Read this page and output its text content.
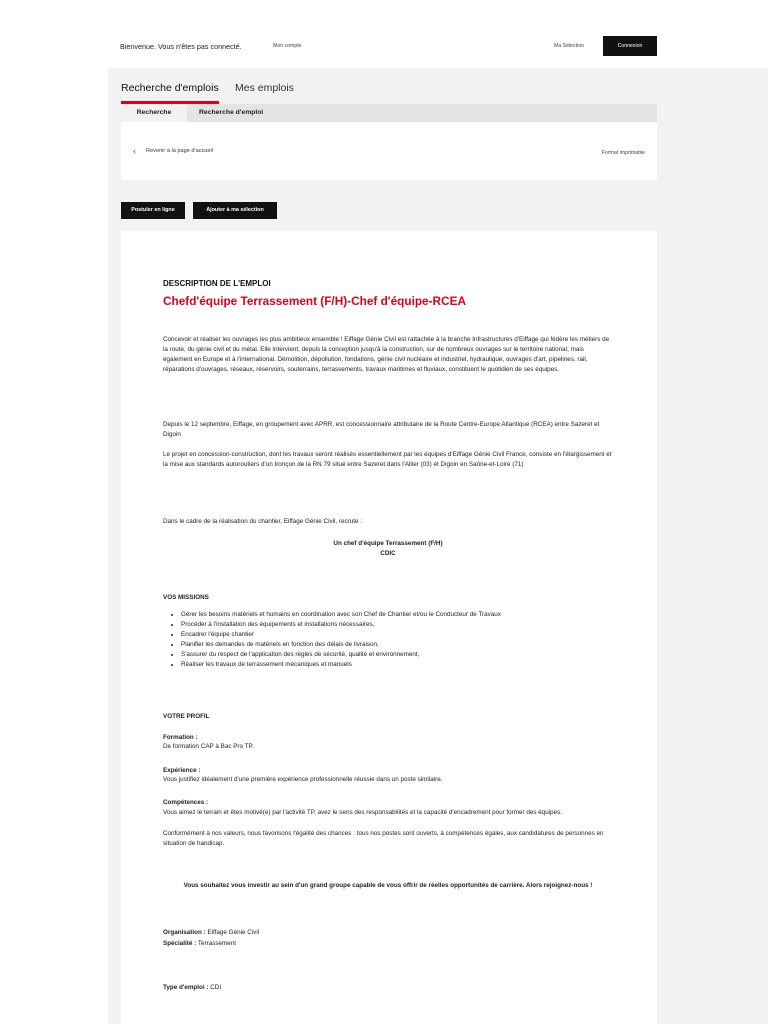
Bienvenue. Vous n'êtes pas connecté.	Mon compte	Ma Sélection	Connexion
Recherche d'emplois Mes emplois
Recherche	Recherche d'emploi
‹ Revenir à la page d'accueil	Format imprimable
Postuler en ligne	Ajouter à ma sélection
DESCRIPTION DE L'EMPLOI
Chefd'équipe Terrassement (F/H)-Chef d'équipe-RCEA
Concevoir et réaliser les ouvrages les plus ambitieux ensemble ! Eiffage Génie Civil est rattachée à la branche Infrastructures d'Eiffage qui fédère les métiers de la route, du génie civil et du métal. Elle intervient, depuis la conception jusqu'à la construction, sur de nombreux ouvrages sur le territoire national, mais également en Europe et à l'international. Démolition, dépollution, fondations, génie civil nucléaire et industriel, hydraulique, ouvrages d'art, pipelines, rail, réparations d'ouvrages, réseaux, réservoirs, souterrains, terrassements, travaux maritimes et fluviaux, constituent le quotidien de ses équipes.
Depuis le 12 septembre, Eiffage, en groupement avec APRR, est concessionnaire attributaire de la Route Centre-Europe Atlantique (RCEA) entre Sazeret et Digoin
Le projet en concession-construction, dont les travaux seront réalisés essentiellement par les équipes d'Eiffage Génie Civil France, consiste en l'élargissement et la mise aux standards autoroutiers d'un tronçon de la RN 79 situé entre Sazeret dans l'Allier (03) et Digoin en Saône-et-Loire (71)
Dans le cadre de la réalisation du chantier, Eiffage Génie Civil, recrute :
Un chef d'équipe Terrassement (F/H)
CDIC
VOS MISSIONS
• Gérer les besoins matériels et humains en coordination avec son Chef de Chantier et/ou le Conducteur de Travaux
• Procéder à l'installation des équipements et installations nécessaires,
• Encadrer l'équipe chantier
• Planifier les demandes de matériels en fonction des délais de livraison,
• S'assurer du respect de l'application des règles de sécurité, qualité et environnement,
• Réaliser les travaux de terrassement mécaniques et manuels
VOTRE PROFIL
Formation :
De formation CAP à Bac Pro TP.
Expérience :
Vous justifiez idéalement d'une première expérience professionnelle réussie dans un poste similaire.
Compétences :
Vous aimez le terrain et êtes motivé(e) par l'activité TP, avez le sens des responsabilités et la capacité d'encadrement pour former des équipes.
Conformément à nos valeurs, nous favorisons l'égalité des chances : tous nos postes sont ouverts, à compétences égales, aux candidatures de personnes en situation de handicap.
Vous souhaitez vous investir au sein d'un grand groupe capable de vous offrir de réelles opportunités de carrière. Alors rejoignez-nous !
Organisation : Eiffage Génie Civil
Spécialité : Terrassement
Type d'emploi : CDI
